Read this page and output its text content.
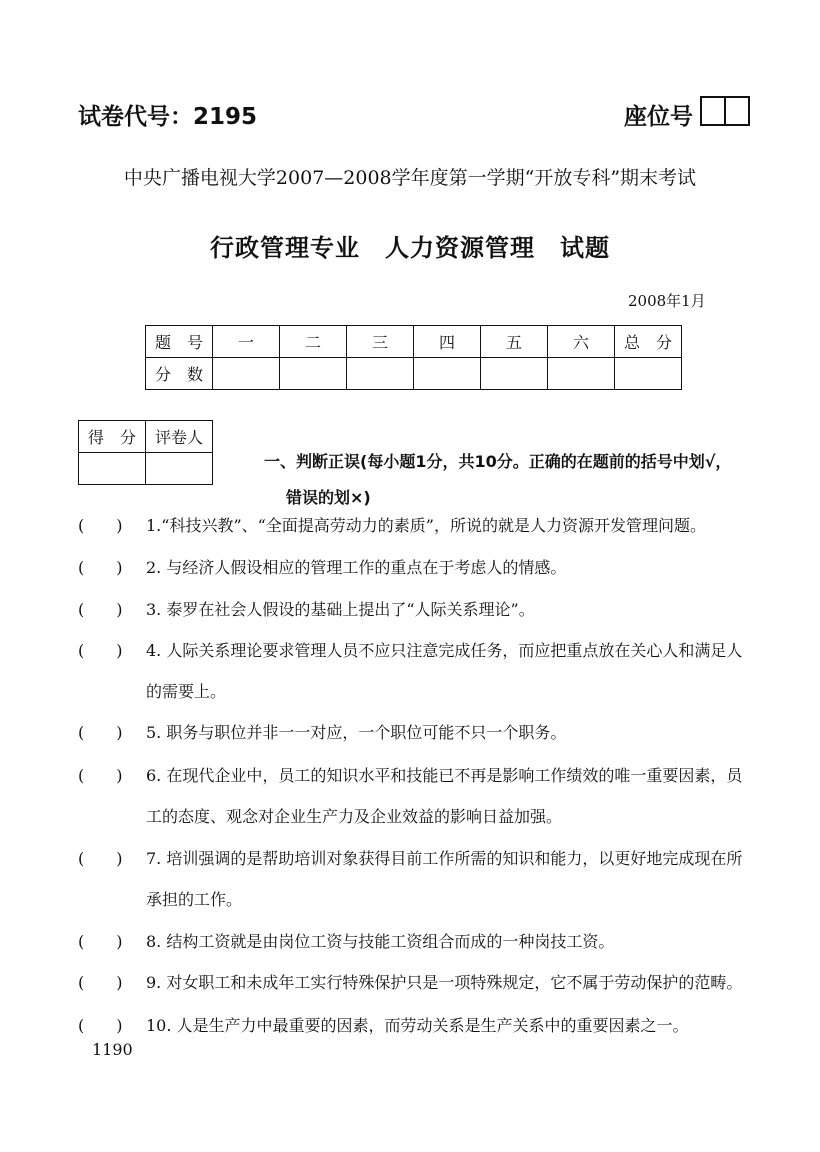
试卷代号：2195	座位号
中央广播电视大学2007—2008学年度第一学期“开放专科”期末考试
行政管理专业　人力资源管理　试题
2008年1月
题　号	一	二	三	四	五	六	总　分
分　数							
得　分	评卷人

一、判断正误(每小题1分，共10分。正确的在题前的括号中划√，
错误的划×)
(　　) 1.“科技兴教”、“全面提高劳动力的素质”，所说的就是人力资源开发管理问题。
(　　) 2. 与经济人假设相应的管理工作的重点在于考虑人的情感。
(　　) 3. 泰罗在社会人假设的基础上提出了“人际关系理论”。
(　　) 4. 人际关系理论要求管理人员不应只注意完成任务，而应把重点放在关心人和满足人
的需要上。
(　　) 5. 职务与职位并非一一对应，一个职位可能不只一个职务。
(　　) 6. 在现代企业中，员工的知识水平和技能已不再是影响工作绩效的唯一重要因素，员
工的态度、观念对企业生产力及企业效益的影响日益加强。
(　　) 7. 培训强调的是帮助培训对象获得目前工作所需的知识和能力，以更好地完成现在所
承担的工作。
(　　) 8. 结构工资就是由岗位工资与技能工资组合而成的一种岗技工资。
(　　) 9. 对女职工和未成年工实行特殊保护只是一项特殊规定，它不属于劳动保护的范畴。
(　　) 10. 人是生产力中最重要的因素，而劳动关系是生产关系中的重要因素之一。
1190
